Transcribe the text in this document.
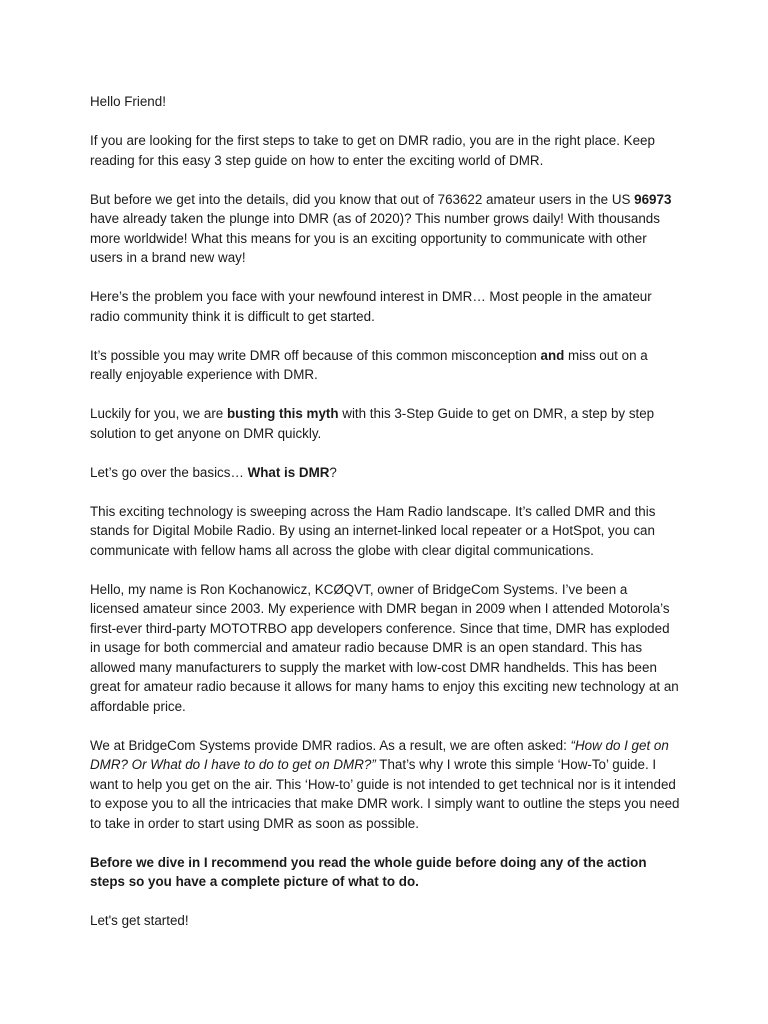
Hello Friend!

If you are looking for the first steps to take to get on DMR radio, you are in the right place. Keep reading for this easy 3 step guide on how to enter the exciting world of DMR.

But before we get into the details, did you know that out of 763622 amateur users in the US 96973 have already taken the plunge into DMR (as of 2020)? This number grows daily! With thousands more worldwide! What this means for you is an exciting opportunity to communicate with other users in a brand new way!

Here’s the problem you face with your newfound interest in DMR… Most people in the amateur radio community think it is difficult to get started.

It’s possible you may write DMR off because of this common misconception and miss out on a really enjoyable experience with DMR.

Luckily for you, we are busting this myth with this 3-Step Guide to get on DMR, a step by step solution to get anyone on DMR quickly.

Let’s go over the basics… What is DMR?

This exciting technology is sweeping across the Ham Radio landscape. It’s called DMR and this stands for Digital Mobile Radio. By using an internet-linked local repeater or a HotSpot, you can communicate with fellow hams all across the globe with clear digital communications.

Hello, my name is Ron Kochanowicz, KCØQVT, owner of BridgeCom Systems. I’ve been a licensed amateur since 2003. My experience with DMR began in 2009 when I attended Motorola’s first-ever third-party MOTOTRBO app developers conference. Since that time, DMR has exploded in usage for both commercial and amateur radio because DMR is an open standard. This has allowed many manufacturers to supply the market with low-cost DMR handhelds. This has been great for amateur radio because it allows for many hams to enjoy this exciting new technology at an affordable price.

We at BridgeCom Systems provide DMR radios. As a result, we are often asked: “How do I get on DMR? Or What do I have to do to get on DMR?” That’s why I wrote this simple ‘How-To’ guide. I want to help you get on the air. This ‘How-to’ guide is not intended to get technical nor is it intended to expose you to all the intricacies that make DMR work. I simply want to outline the steps you need to take in order to start using DMR as soon as possible.

Before we dive in I recommend you read the whole guide before doing any of the action steps so you have a complete picture of what to do.

Let's get started!
